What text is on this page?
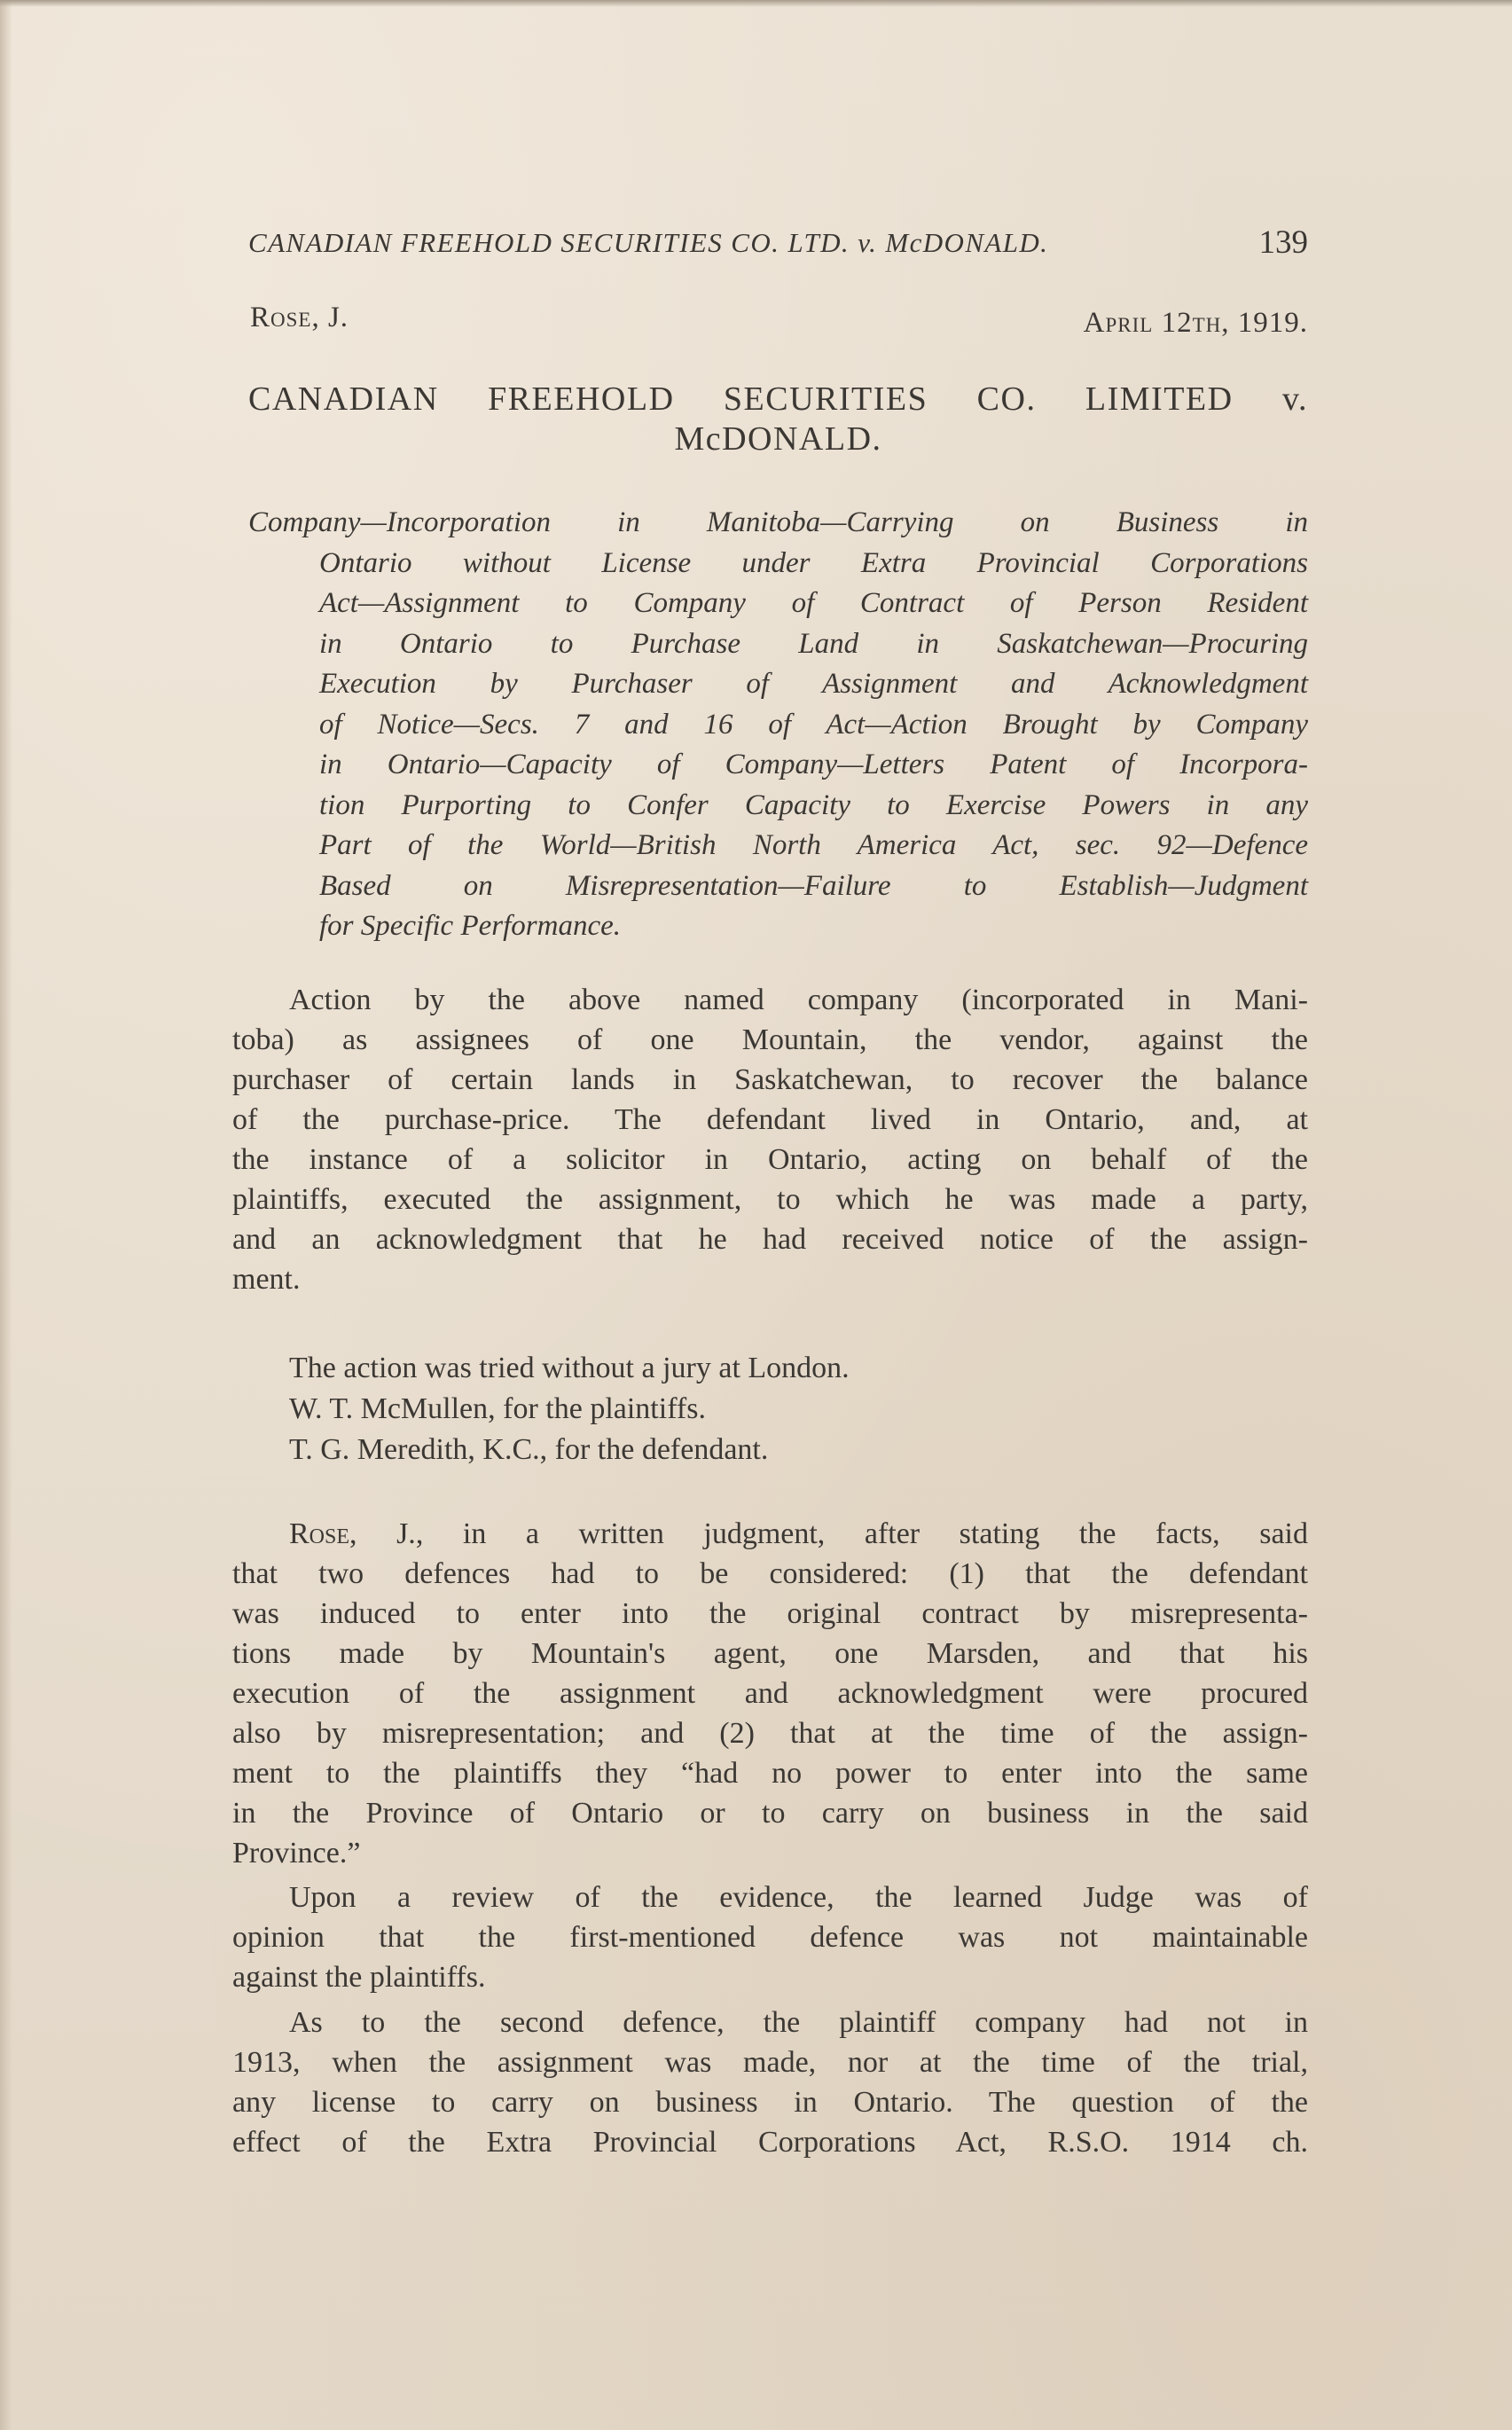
CANADIAN FREEHOLD SECURITIES CO. LTD. v. McDONALD.	139
Rose, J.	April 12th, 1919.
CANADIAN FREEHOLD SECURITIES CO. LIMITED v.
McDONALD.
Company—Incorporation in Manitoba—Carrying on Business in
Ontario without License under Extra Provincial Corporations
Act—Assignment to Company of Contract of Person Resident
in Ontario to Purchase Land in Saskatchewan—Procuring
Execution by Purchaser of Assignment and Acknowledgment
of Notice—Secs. 7 and 16 of Act—Action Brought by Company
in Ontario—Capacity of Company—Letters Patent of Incorpora-
tion Purporting to Confer Capacity to Exercise Powers in any
Part of the World—British North America Act, sec. 92—Defence
Based on Misrepresentation—Failure to Establish—Judgment
for Specific Performance.
Action by the above named company (incorporated in Mani-
toba) as assignees of one Mountain, the vendor, against the
purchaser of certain lands in Saskatchewan, to recover the balance
of the purchase-price. The defendant lived in Ontario, and, at
the instance of a solicitor in Ontario, acting on behalf of the
plaintiffs, executed the assignment, to which he was made a party,
and an acknowledgment that he had received notice of the assign-
ment.
The action was tried without a jury at London.
W. T. McMullen, for the plaintiffs.
T. G. Meredith, K.C., for the defendant.
Rose, J., in a written judgment, after stating the facts, said
that two defences had to be considered: (1) that the defendant
was induced to enter into the original contract by misrepresenta-
tions made by Mountain's agent, one Marsden, and that his
execution of the assignment and acknowledgment were procured
also by misrepresentation; and (2) that at the time of the assign-
ment to the plaintiffs they “had no power to enter into the same
in the Province of Ontario or to carry on business in the said
Province.”
Upon a review of the evidence, the learned Judge was of
opinion that the first-mentioned defence was not maintainable
against the plaintiffs.
As to the second defence, the plaintiff company had not in
1913, when the assignment was made, nor at the time of the trial,
any license to carry on business in Ontario. The question of the
effect of the Extra Provincial Corporations Act, R.S.O. 1914 ch.
